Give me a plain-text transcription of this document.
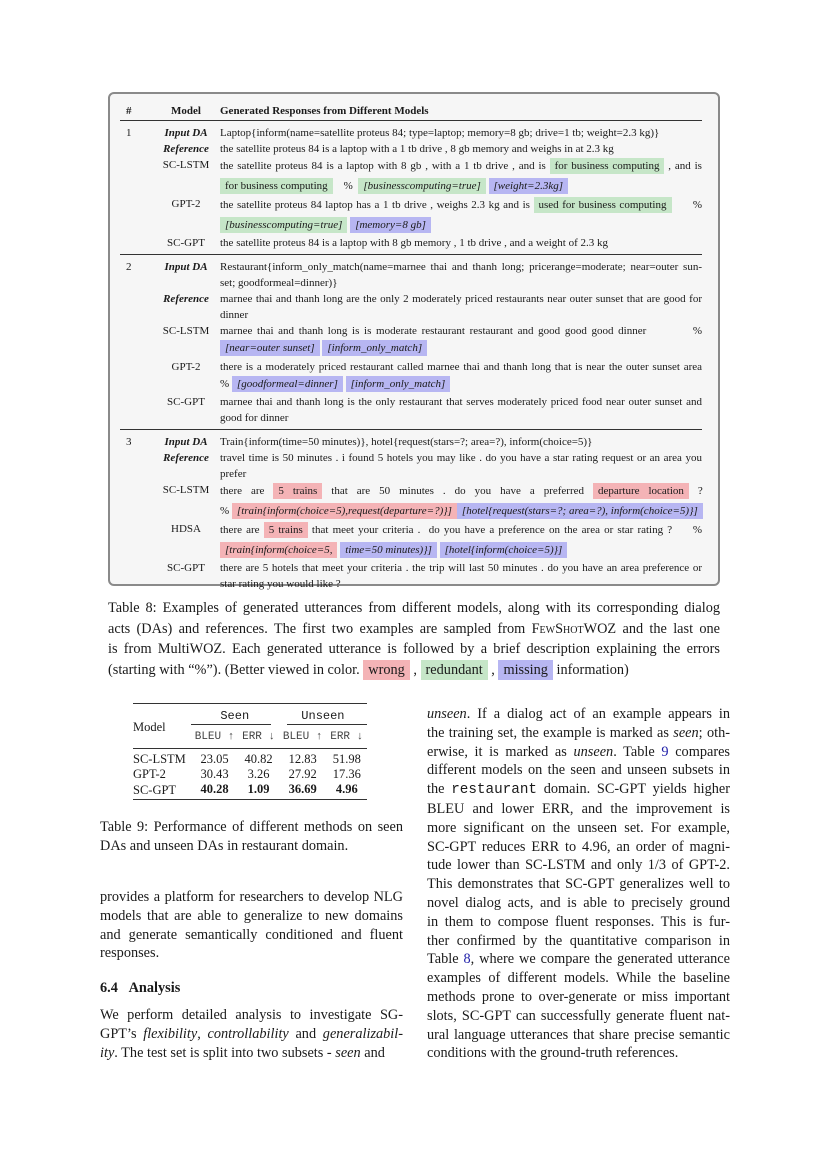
#	Model	Generated Responses from Different Models
1	Input DA	Laptop{inform(name=satellite proteus 84; type=laptop; memory=8 gb; drive=1 tb; weight=2.3 kg)}
Reference	the satellite proteus 84 is a laptop with a 1 tb drive , 8 gb memory and weighs in at 2.3 kg
SC-LSTM the satellite proteus 84 is a laptop with 8 gb , with a 1 tb drive , and is for business computing , and is
for business computing    %  [businesscomputing=true] [weight=2.3kg]
GPT-2	the satellite proteus 84 laptop has a 1 tb drive , weighs 2.3 kg and is used for business computing      %
[businesscomputing=true] [memory=8 gb]
SC-GPT	the satellite proteus 84 is a laptop with 8 gb memory , 1 tb drive , and a weight of 2.3 kg
2	Input DA	Restaurant{inform_only_match(name=marnee thai and thanh long; pricerange=moderate; near=outer sun-
set; goodformeal=dinner)}
Reference	marnee thai and thanh long are the only 2 moderately priced restaurants near outer sunset that are good for
dinner
SC-LSTM marnee thai and thanh long is is moderate restaurant restaurant and good good good dinner          %
[near=outer sunset] [inform_only_match]
GPT-2	there is a moderately priced restaurant called marnee thai and thanh long that is near the outer sunset area
% [goodformeal=dinner] [inform_only_match]
SC-GPT	marnee thai and thanh long is the only restaurant that serves moderately priced food near outer sunset and
good for dinner
3	Input DA	Train{inform(time=50 minutes)}, hotel{request(stars=?; area=?), inform(choice=5)}
Reference	travel time is 50 minutes . i found 5 hotels you may like . do you have a star rating request or an area you
prefer
SC-LSTM there are 5 trains that are 50 minutes . do you have a preferred departure location ?
% [train{inform(choice=5),request(departure=?)}] [hotel{request(stars=?; area=?), inform(choice=5)}]
HDSA	there are 5 trains that meet your criteria .  do you have a preference on the area or star rating ?     %
[train{inform(choice=5, time=50 minutes)}] [hotel{inform(choice=5)}]
SC-GPT	there are 5 hotels that meet your criteria . the trip will last 50 minutes . do you have an area preference or
star rating you would like ?
Table 8: Examples of generated utterances from different models, along with its corresponding dialog
acts (DAs) and references. The first two examples are sampled from FewShotWOZ and the last one
is from MultiWOZ. Each generated utterance is followed by a brief description explaining the errors
(starting with “%”). (Better viewed in color. wrong , redundant , missing information)
Model	Seen		Unseen	
	BLEU ↑	ERR ↓	BLEU ↑	ERR ↓
SC-LSTM	23.05	40.82	12.83	51.98
GPT-2	30.43	3.26	27.92	17.36
SC-GPT	40.28	1.09	36.69	4.96
Table 9: Performance of different methods on seen
DAs and unseen DAs in restaurant domain.
provides a platform for researchers to develop NLG
models that are able to generalize to new domains
and generate semantically conditioned and fluent
responses.
6.4 Analysis
We perform detailed analysis to investigate SG-
GPT’s flexibility, controllability and generalizabil-
ity. The test set is split into two subsets - seen and
unseen. If a dialog act of an example appears in
the training set, the example is marked as seen; oth-
erwise, it is marked as unseen. Table 9 compares
different models on the seen and unseen subsets in
the restaurant domain. SC-GPT yields higher
BLEU and lower ERR, and the improvement is
more significant on the unseen set. For example,
SC-GPT reduces ERR to 4.96, an order of magni-
tude lower than SC-LSTM and only 1/3 of GPT-2.
This demonstrates that SC-GPT generalizes well to
novel dialog acts, and is able to precisely ground
in them to compose fluent responses. This is fur-
ther confirmed by the quantitative comparison in
Table 8, where we compare the generated utterance
examples of different models. While the baseline
methods prone to over-generate or miss important
slots, SC-GPT can successfully generate fluent nat-
ural language utterances that share precise semantic
conditions with the ground-truth references.
